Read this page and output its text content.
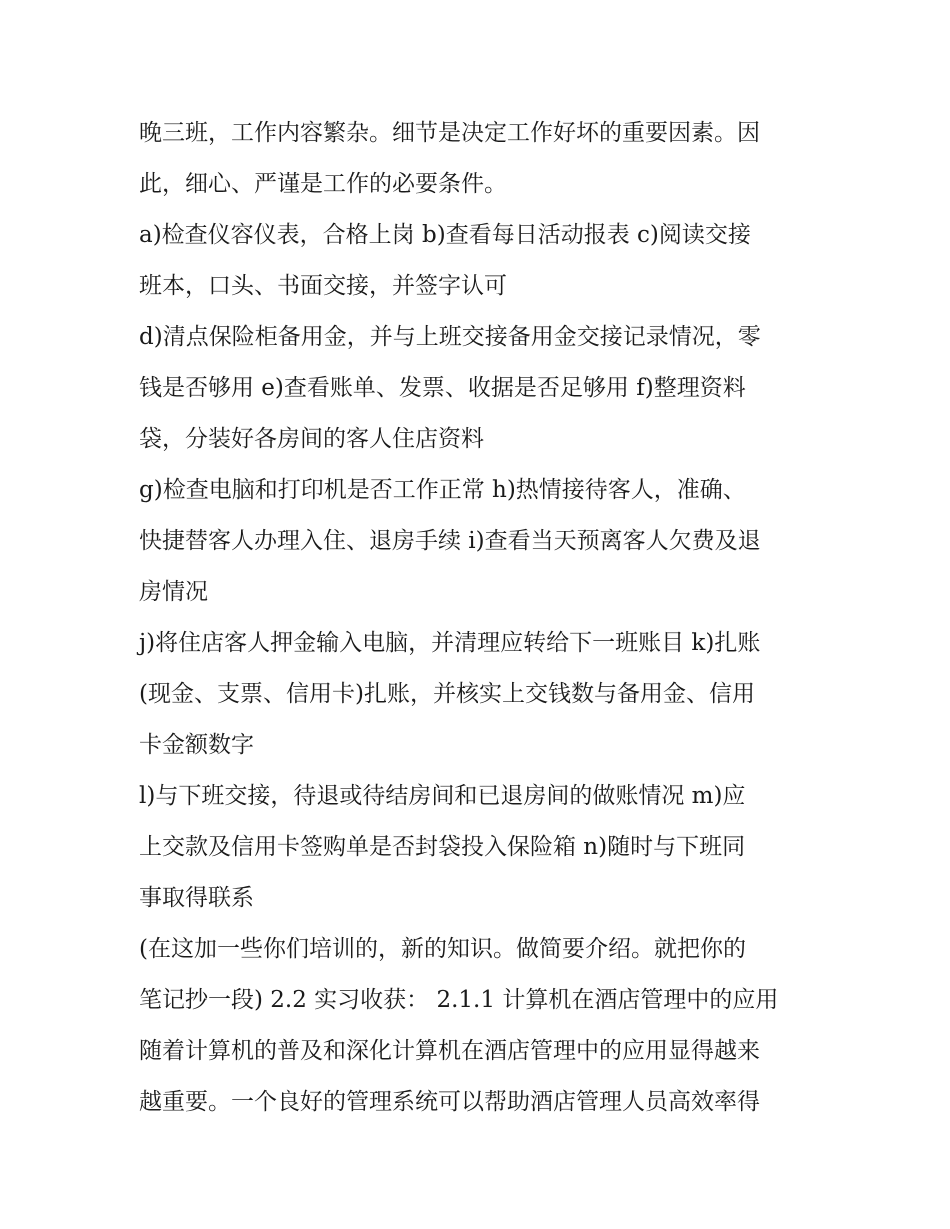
晚三班，工作内容繁杂。细节是决定工作好坏的重要因素。因
此，细心、严谨是工作的必要条件。
a)检查仪容仪表，合格上岗 b)查看每日活动报表 c)阅读交接
班本，口头、书面交接，并签字认可
d)清点保险柜备用金，并与上班交接备用金交接记录情况，零
钱是否够用 e)查看账单、发票、收据是否足够用 f)整理资料
袋，分装好各房间的客人住店资料
g)检查电脑和打印机是否工作正常 h)热情接待客人，准确、
快捷替客人办理入住、退房手续 i)查看当天预离客人欠费及退
房情况
j)将住店客人押金输入电脑，并清理应转给下一班账目 k)扎账
(现金、支票、信用卡)扎账，并核实上交钱数与备用金、信用
卡金额数字
l)与下班交接，待退或待结房间和已退房间的做账情况 m)应
上交款及信用卡签购单是否封袋投入保险箱 n)随时与下班同
事取得联系
(在这加一些你们培训的，新的知识。做简要介绍。就把你的
笔记抄一段) 2.2 实习收获： 2.1.1 计算机在酒店管理中的应用
随着计算机的普及和深化计算机在酒店管理中的应用显得越来
越重要。一个良好的管理系统可以帮助酒店管理人员高效率得
